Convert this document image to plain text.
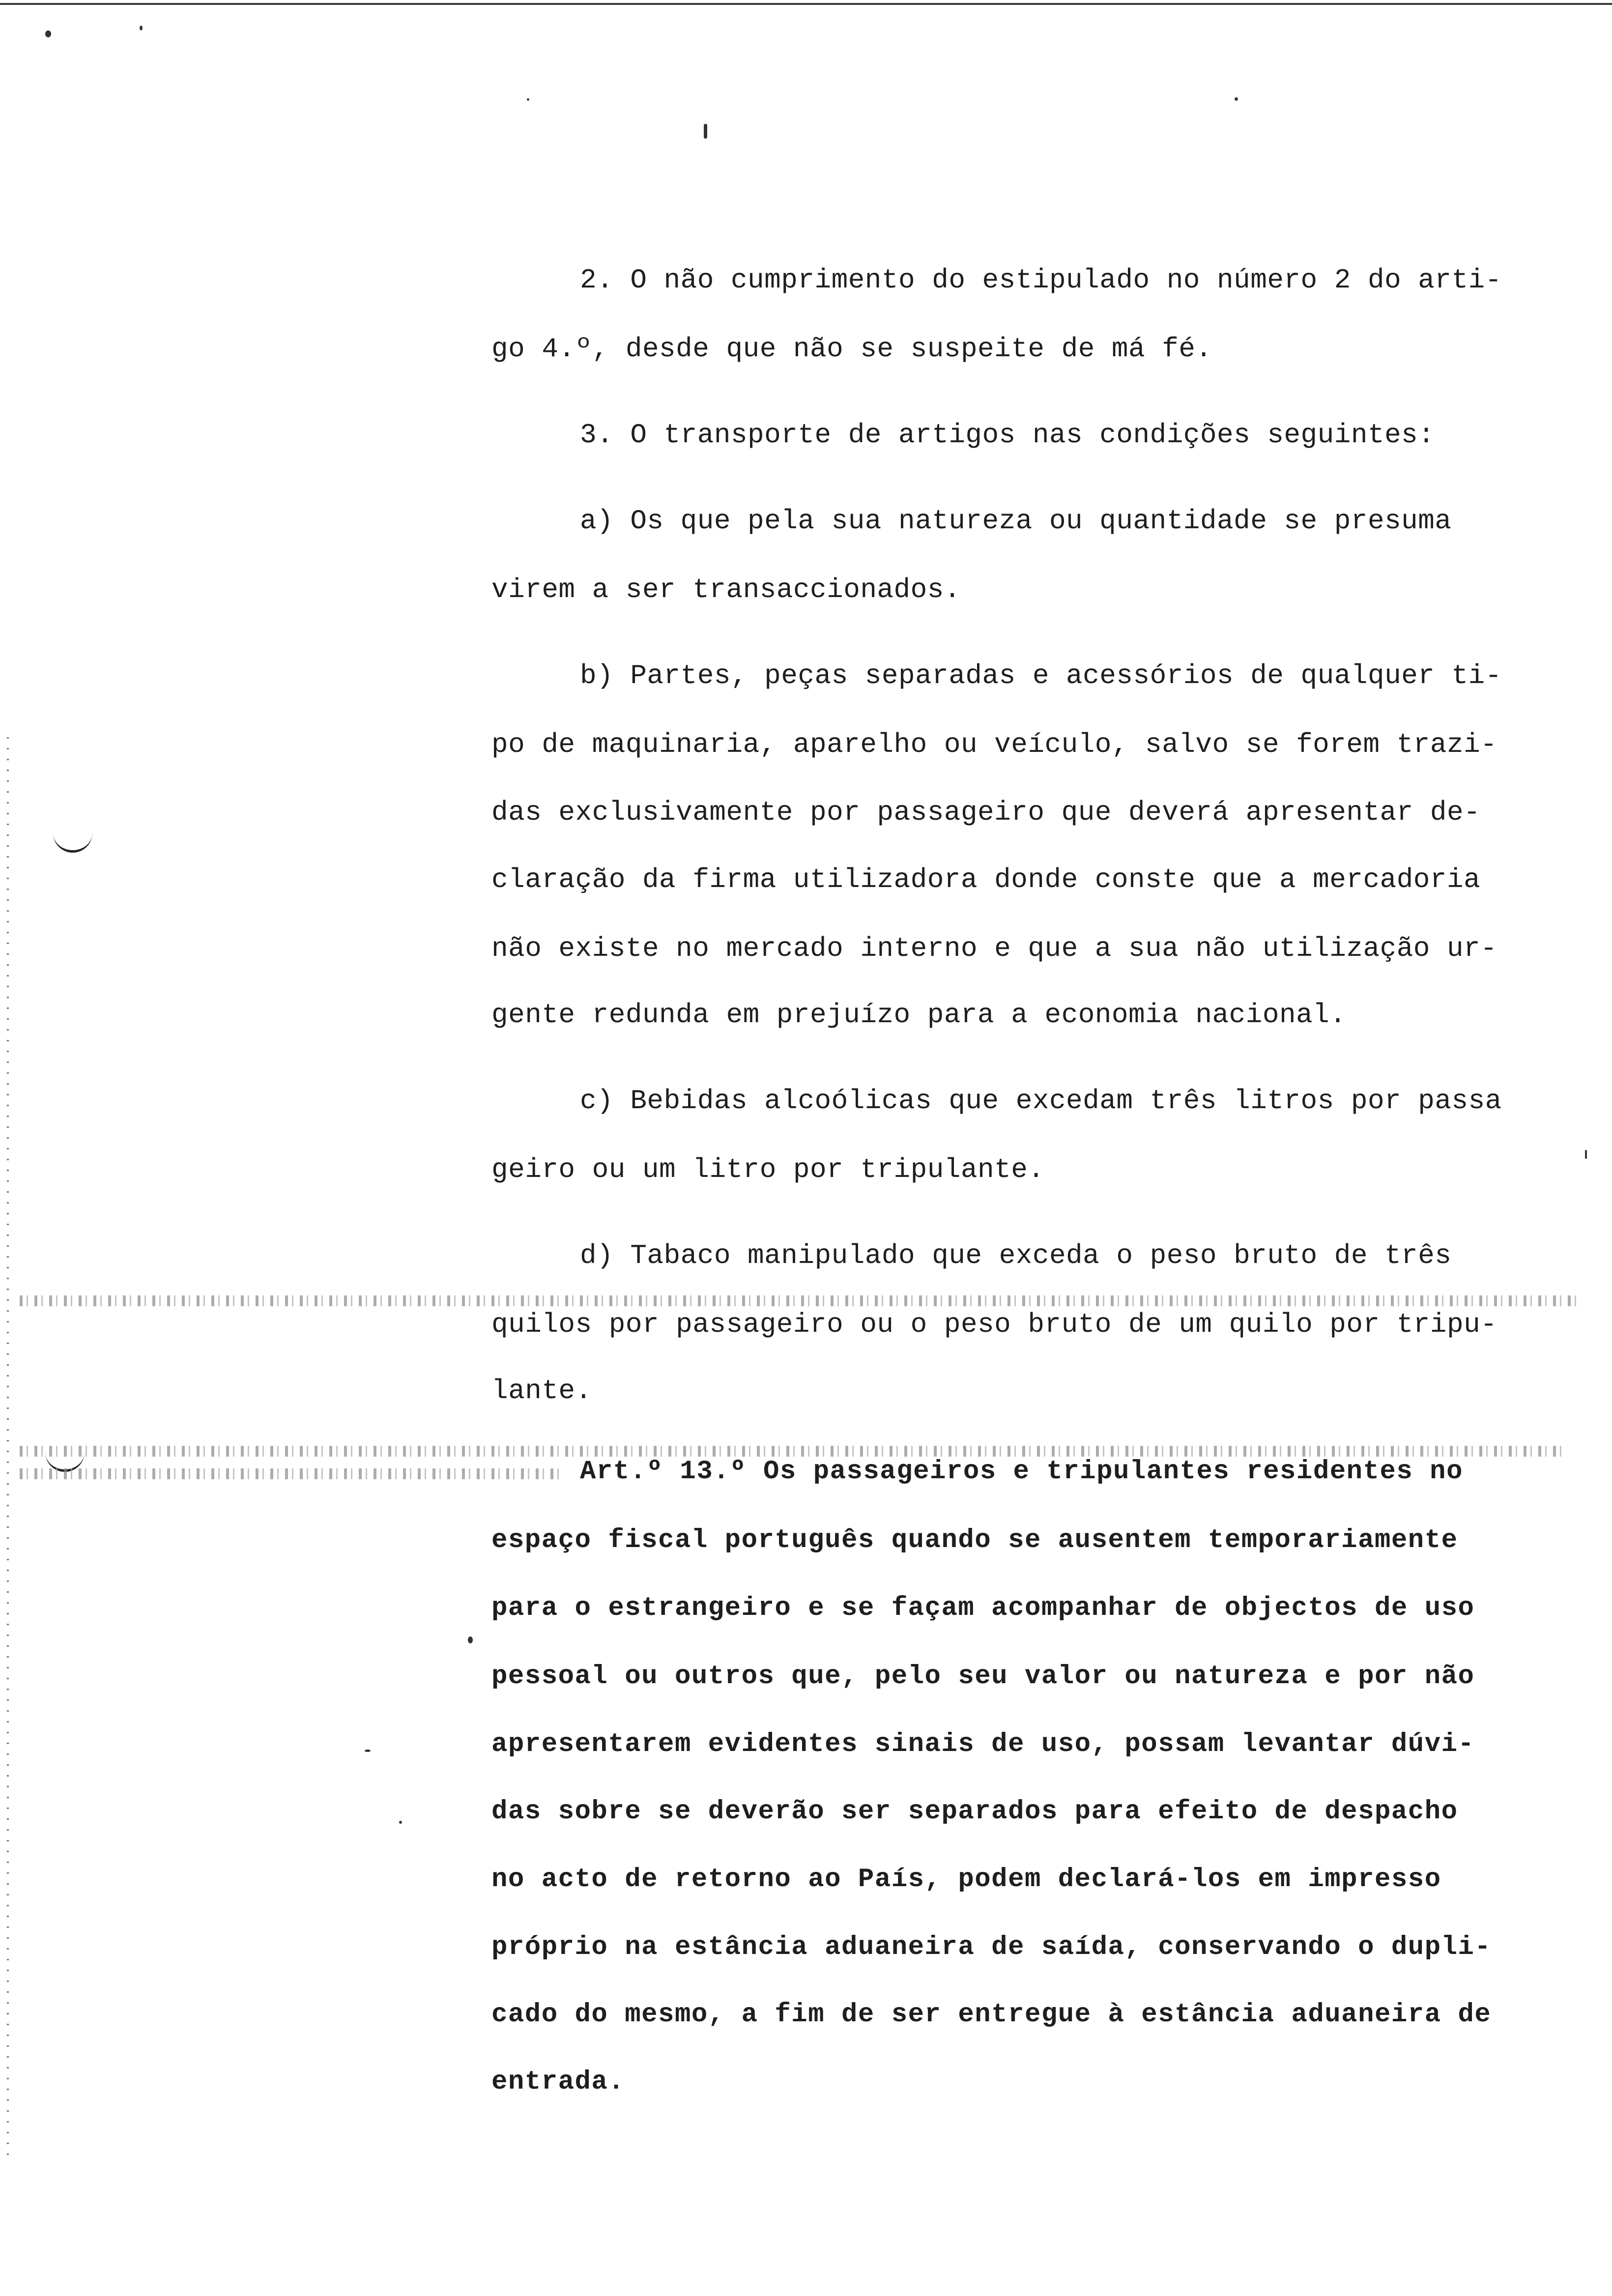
2. O não cumprimento do estipulado no número 2 do arti-
go 4.º, desde que não se suspeite de má fé.
3. O transporte de artigos nas condições seguintes:
a) Os que pela sua natureza ou quantidade se presuma
virem a ser transaccionados.
b) Partes, peças separadas e acessórios de qualquer ti-
po de maquinaria, aparelho ou veículo, salvo se forem trazi-
das exclusivamente por passageiro que deverá apresentar de-
claração da firma utilizadora donde conste que a mercadoria
não existe no mercado interno e que a sua não utilização ur-
gente redunda em prejuízo para a economia nacional.
c) Bebidas alcoólicas que excedam três litros por passa
geiro ou um litro por tripulante.
d) Tabaco manipulado que exceda o peso bruto de três
quilos por passageiro ou o peso bruto de um quilo por tripu-
lante.
Art.º 13.º Os passageiros e tripulantes residentes no
espaço fiscal português quando se ausentem temporariamente
para o estrangeiro e se façam acompanhar de objectos de uso
pessoal ou outros que, pelo seu valor ou natureza e por não
apresentarem evidentes sinais de uso, possam levantar dúvi-
das sobre se deverão ser separados para efeito de despacho
no acto de retorno ao País, podem declará-los em impresso
próprio na estância aduaneira de saída, conservando o dupli-
cado do mesmo, a fim de ser entregue à estância aduaneira de
entrada.
